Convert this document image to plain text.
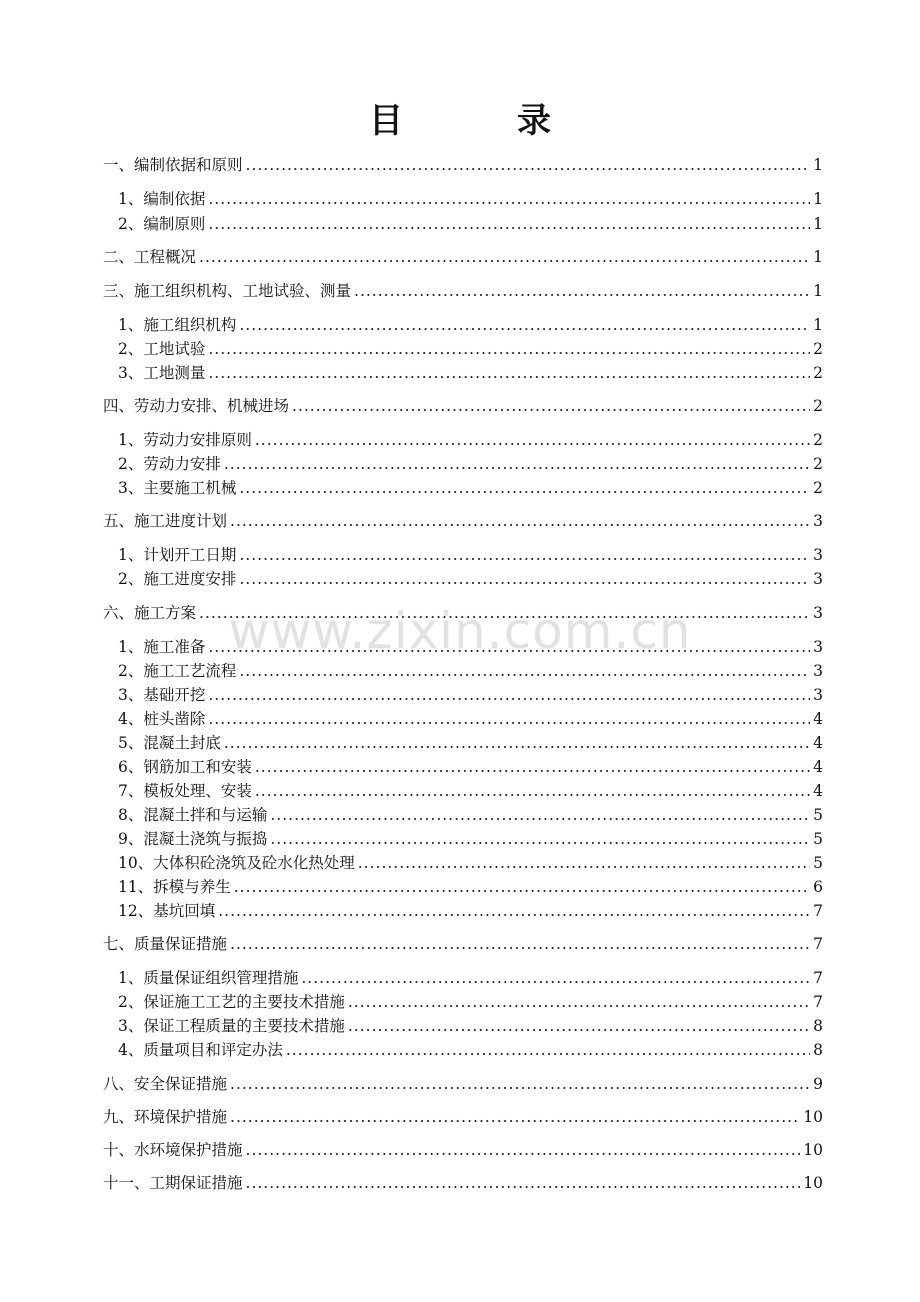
目　录
一、编制依据和原则 .....	1
1、编制依据 .....	1
2、编制原则 .....	1
二、工程概况 .....	1
三、施工组织机构、工地试验、测量 .....	1
1、施工组织机构 .....	1
2、工地试验 .....	2
3、工地测量 .....	2
四、劳动力安排、机械进场 .....	2
1、劳动力安排原则 .....	2
2、劳动力安排 .....	2
3、主要施工机械 .....	2
五、施工进度计划 .....	3
1、计划开工日期 .....	3
2、施工进度安排 .....	3
六、施工方案 .....	3
1、施工准备 .....	3
2、施工工艺流程 .....	3
3、基础开挖 .....	3
4、桩头凿除 .....	4
5、混凝土封底 .....	4
6、钢筋加工和安装 .....	4
7、模板处理、安装 .....	4
8、混凝土拌和与运输 .....	5
9、混凝土浇筑与振捣 .....	5
10、大体积砼浇筑及砼水化热处理 .....	5
11、拆模与养生 .....	6
12、基坑回填 .....	7
七、质量保证措施 .....	7
1、质量保证组织管理措施 .....	7
2、保证施工工艺的主要技术措施 .....	7
3、保证工程质量的主要技术措施 .....	8
4、质量项目和评定办法 .....	8
八、安全保证措施 .....	9
九、环境保护措施 .....	10
十、水环境保护措施 .....	10
十一、工期保证措施 .....	10
www.zixin.com.cn
